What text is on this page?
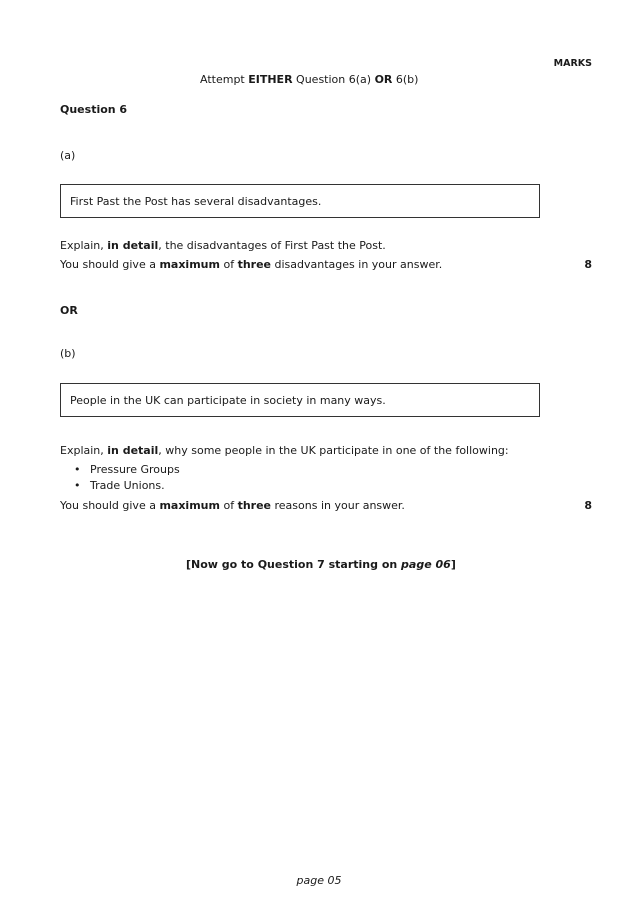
MARKS
Attempt EITHER Question 6(a) OR 6(b)
Question 6
(a)
First Past the Post has several disadvantages.
Explain, in detail, the disadvantages of First Past the Post.
You should give a maximum of three disadvantages in your answer.	8
OR
(b)
People in the UK can participate in society in many ways.
Explain, in detail, why some people in the UK participate in one of the following:
• Pressure Groups
• Trade Unions.
You should give a maximum of three reasons in your answer.	8
[Now go to Question 7 starting on page 06]
page 05
